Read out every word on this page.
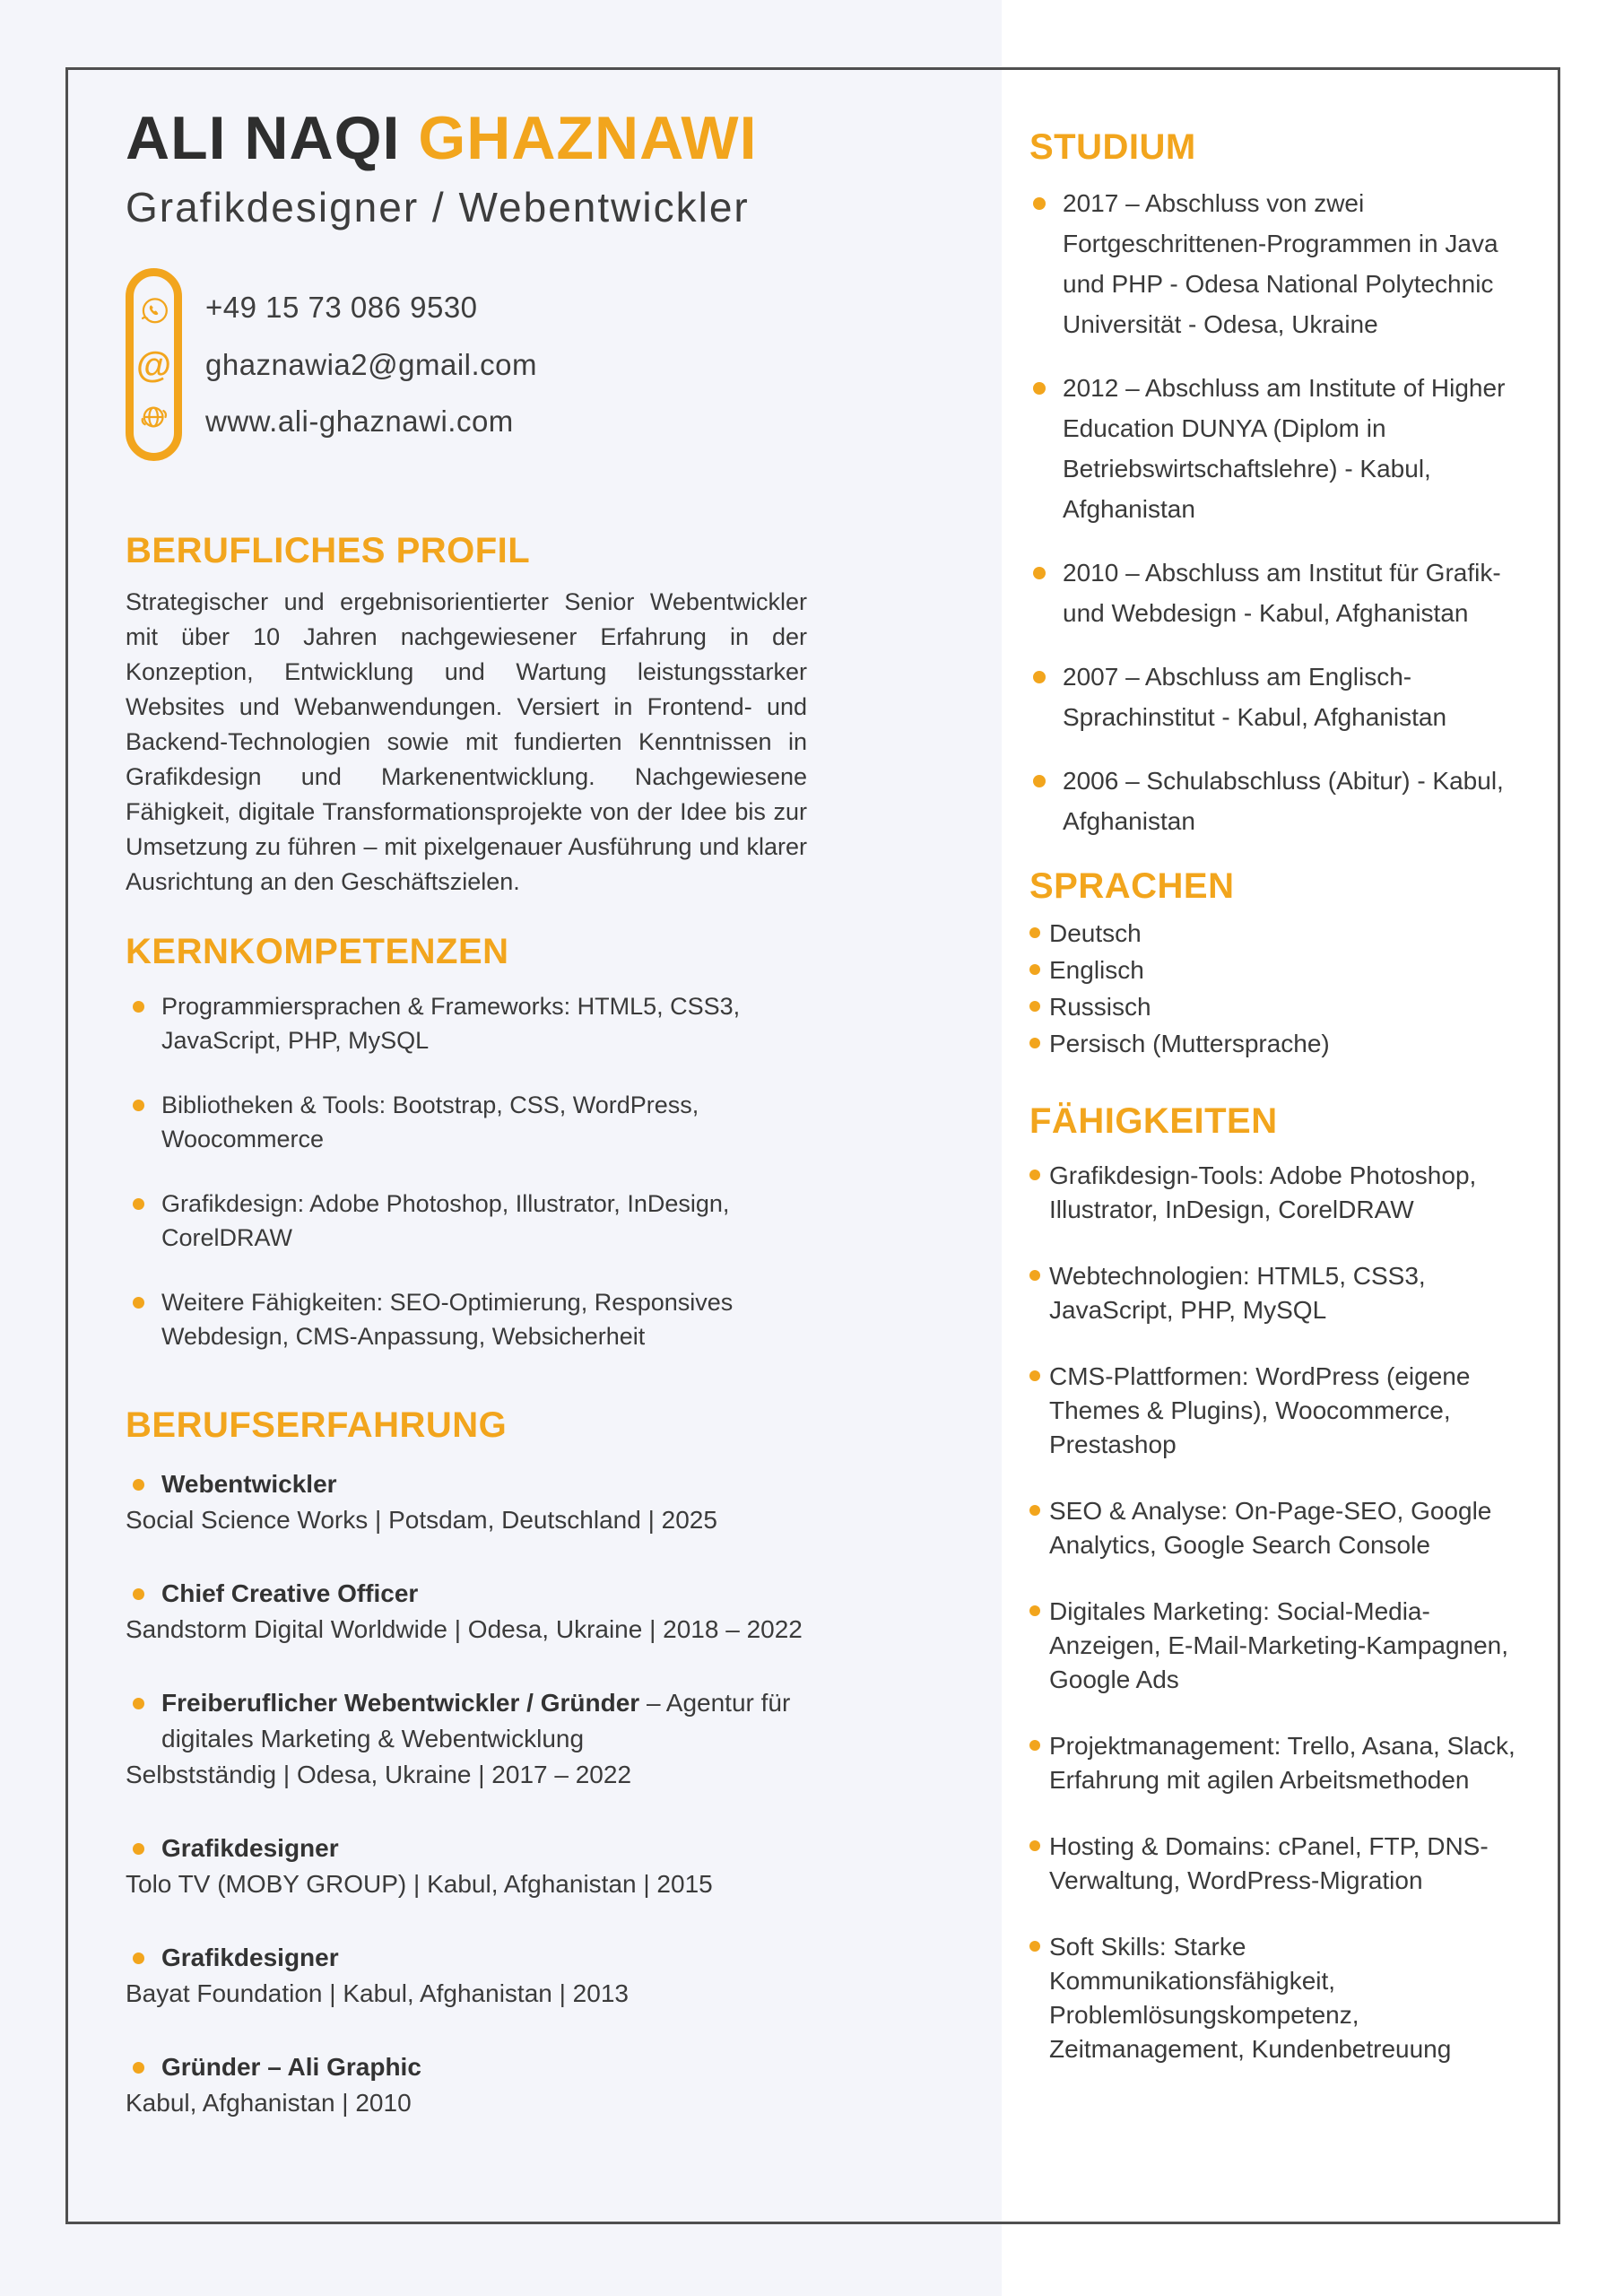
ALI NAQI GHAZNAWI
Grafikdesigner / Webentwickler
@
+49 15 73 086 9530
ghaznawia2@gmail.com
www.ali-ghaznawi.com
BERUFLICHES PROFIL

Strategischer und ergebnisorientierter Senior Webentwickler mit über 10 Jahren nachgewiesener Erfahrung in der Konzeption, Entwicklung und Wartung leistungsstarker Websites und Webanwendungen. Versiert in Frontend- und Backend-Technologien sowie mit fundierten Kenntnissen in Grafikdesign und Markenentwicklung. Nachgewiesene Fähigkeit, digitale Transformationsprojekte von der Idee bis zur Umsetzung zu führen – mit pixelgenauer Ausführung und klarer Ausrichtung an den Geschäftszielen.

KERNKOMPETENZEN
Programmiersprachen & Frameworks: HTML5, CSS3, JavaScript, PHP, MySQL
Bibliotheken & Tools: Bootstrap, CSS, WordPress, Woocommerce
Grafikdesign: Adobe Photoshop, Illustrator, InDesign, CorelDRAW
Weitere Fähigkeiten: SEO-Optimierung, Responsives Webdesign, CMS-Anpassung, Websicherheit
BERUFSERFAHRUNG
Webentwickler
Social Science Works | Potsdam, Deutschland | 2025
Chief Creative Officer
Sandstorm Digital Worldwide | Odesa, Ukraine | 2018 – 2022
Freiberuflicher Webentwickler / Gründer – Agentur für
digitales Marketing & Webentwicklung
Selbstständig | Odesa, Ukraine | 2017 – 2022
Grafikdesigner
Tolo TV (MOBY GROUP) | Kabul, Afghanistan | 2015
Grafikdesigner
Bayat Foundation | Kabul, Afghanistan | 2013
Gründer – Ali Graphic
Kabul, Afghanistan | 2010
STUDIUM
2017 – Abschluss von zwei Fortgeschrittenen-Programmen in Java und PHP - Odesa National Polytechnic Universität - Odesa, Ukraine
2012 – Abschluss am Institute of Higher Education DUNYA (Diplom in Betriebswirtschaftslehre) - Kabul, Afghanistan
2010 – Abschluss am Institut für Grafik- und Webdesign - Kabul, Afghanistan
2007 – Abschluss am Englisch-Sprachinstitut - Kabul, Afghanistan
2006 – Schulabschluss (Abitur) - Kabul, Afghanistan
SPRACHEN
Deutsch
Englisch
Russisch
Persisch (Muttersprache)
FÄHIGKEITEN
Grafikdesign-Tools: Adobe Photoshop, Illustrator, InDesign, CorelDRAW
Webtechnologien: HTML5, CSS3, JavaScript, PHP, MySQL
CMS-Plattformen: WordPress (eigene Themes & Plugins), Woocommerce, Prestashop
SEO & Analyse: On-Page-SEO, Google Analytics, Google Search Console
Digitales Marketing: Social-Media-Anzeigen, E-Mail-Marketing-Kampagnen, Google Ads
Projektmanagement: Trello, Asana, Slack, Erfahrung mit agilen Arbeitsmethoden
Hosting & Domains: cPanel, FTP, DNS-Verwaltung, WordPress-Migration
Soft Skills: Starke Kommunikationsfähigkeit, Problemlösungskompetenz, Zeitmanagement, Kundenbetreuung
